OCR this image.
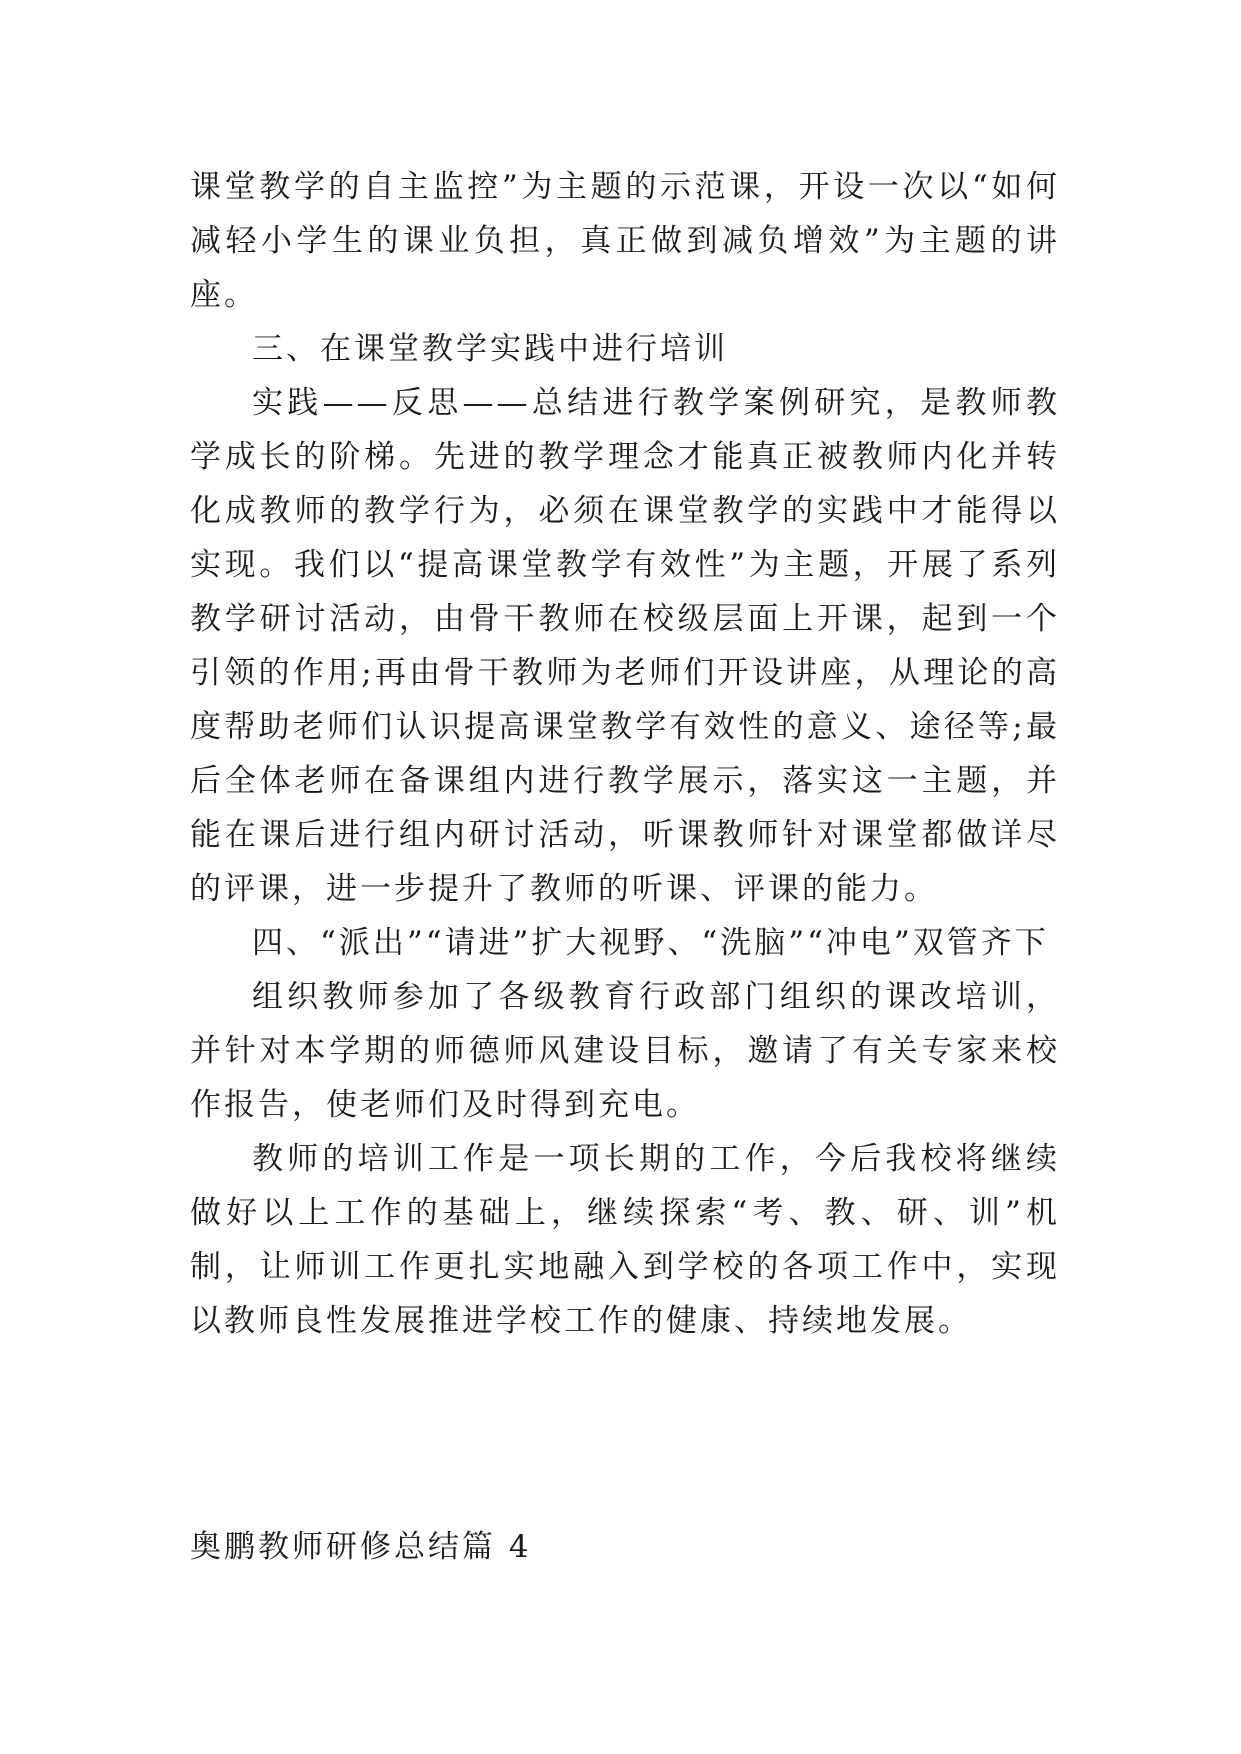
课堂教学的自主监控”为主题的示范课，开设一次以“如何减轻小学生的课业负担，真正做到减负增效”为主题的讲座。

三、在课堂教学实践中进行培训

实践——反思——总结进行教学案例研究，是教师教学成长的阶梯。先进的教学理念才能真正被教师内化并转化成教师的教学行为，必须在课堂教学的实践中才能得以实现。我们以“提高课堂教学有效性”为主题，开展了系列教学研讨活动，由骨干教师在校级层面上开课，起到一个引领的作用;再由骨干教师为老师们开设讲座，从理论的高度帮助老师们认识提高课堂教学有效性的意义、途径等;最后全体老师在备课组内进行教学展示，落实这一主题，并能在课后进行组内研讨活动，听课教师针对课堂都做详尽的评课，进一步提升了教师的听课、评课的能力。

四、“派出”“请进”扩大视野、“洗脑”“冲电”双管齐下

组织教师参加了各级教育行政部门组织的课改培训，并针对本学期的师德师风建设目标，邀请了有关专家来校作报告，使老师们及时得到充电。

教师的培训工作是一项长期的工作，今后我校将继续做好以上工作的基础上，继续探索“考、教、研、训”机制，让师训工作更扎实地融入到学校的各项工作中，实现以教师良性发展推进学校工作的健康、持续地发展。

奥鹏教师研修总结篇 4
